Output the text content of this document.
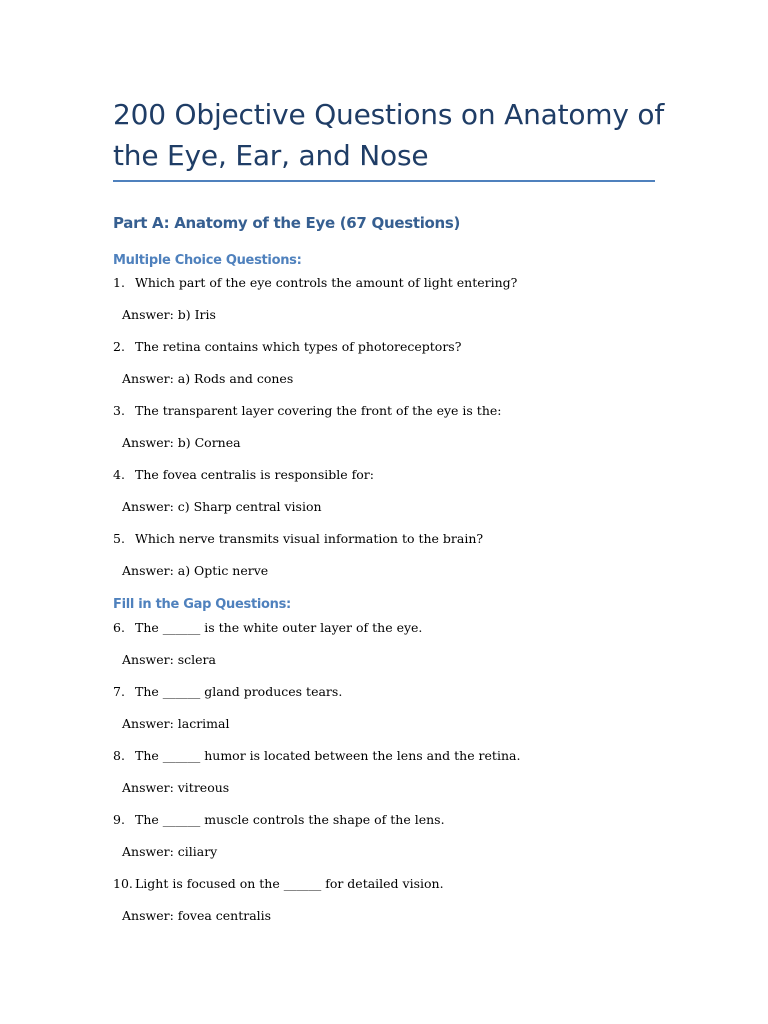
200 Objective Questions on Anatomy of the Eye, Ear, and Nose
Part A: Anatomy of the Eye (67 Questions)
Multiple Choice Questions:
1. Which part of the eye controls the amount of light entering?
Answer: b) Iris
2. The retina contains which types of photoreceptors?
Answer: a) Rods and cones
3. The transparent layer covering the front of the eye is the:
Answer: b) Cornea
4. The fovea centralis is responsible for:
Answer: c) Sharp central vision
5. Which nerve transmits visual information to the brain?
Answer: a) Optic nerve
Fill in the Gap Questions:
6. The ______ is the white outer layer of the eye.
Answer: sclera
7. The ______ gland produces tears.
Answer: lacrimal
8. The ______ humor is located between the lens and the retina.
Answer: vitreous
9. The ______ muscle controls the shape of the lens.
Answer: ciliary
10. Light is focused on the ______ for detailed vision.
Answer: fovea centralis
